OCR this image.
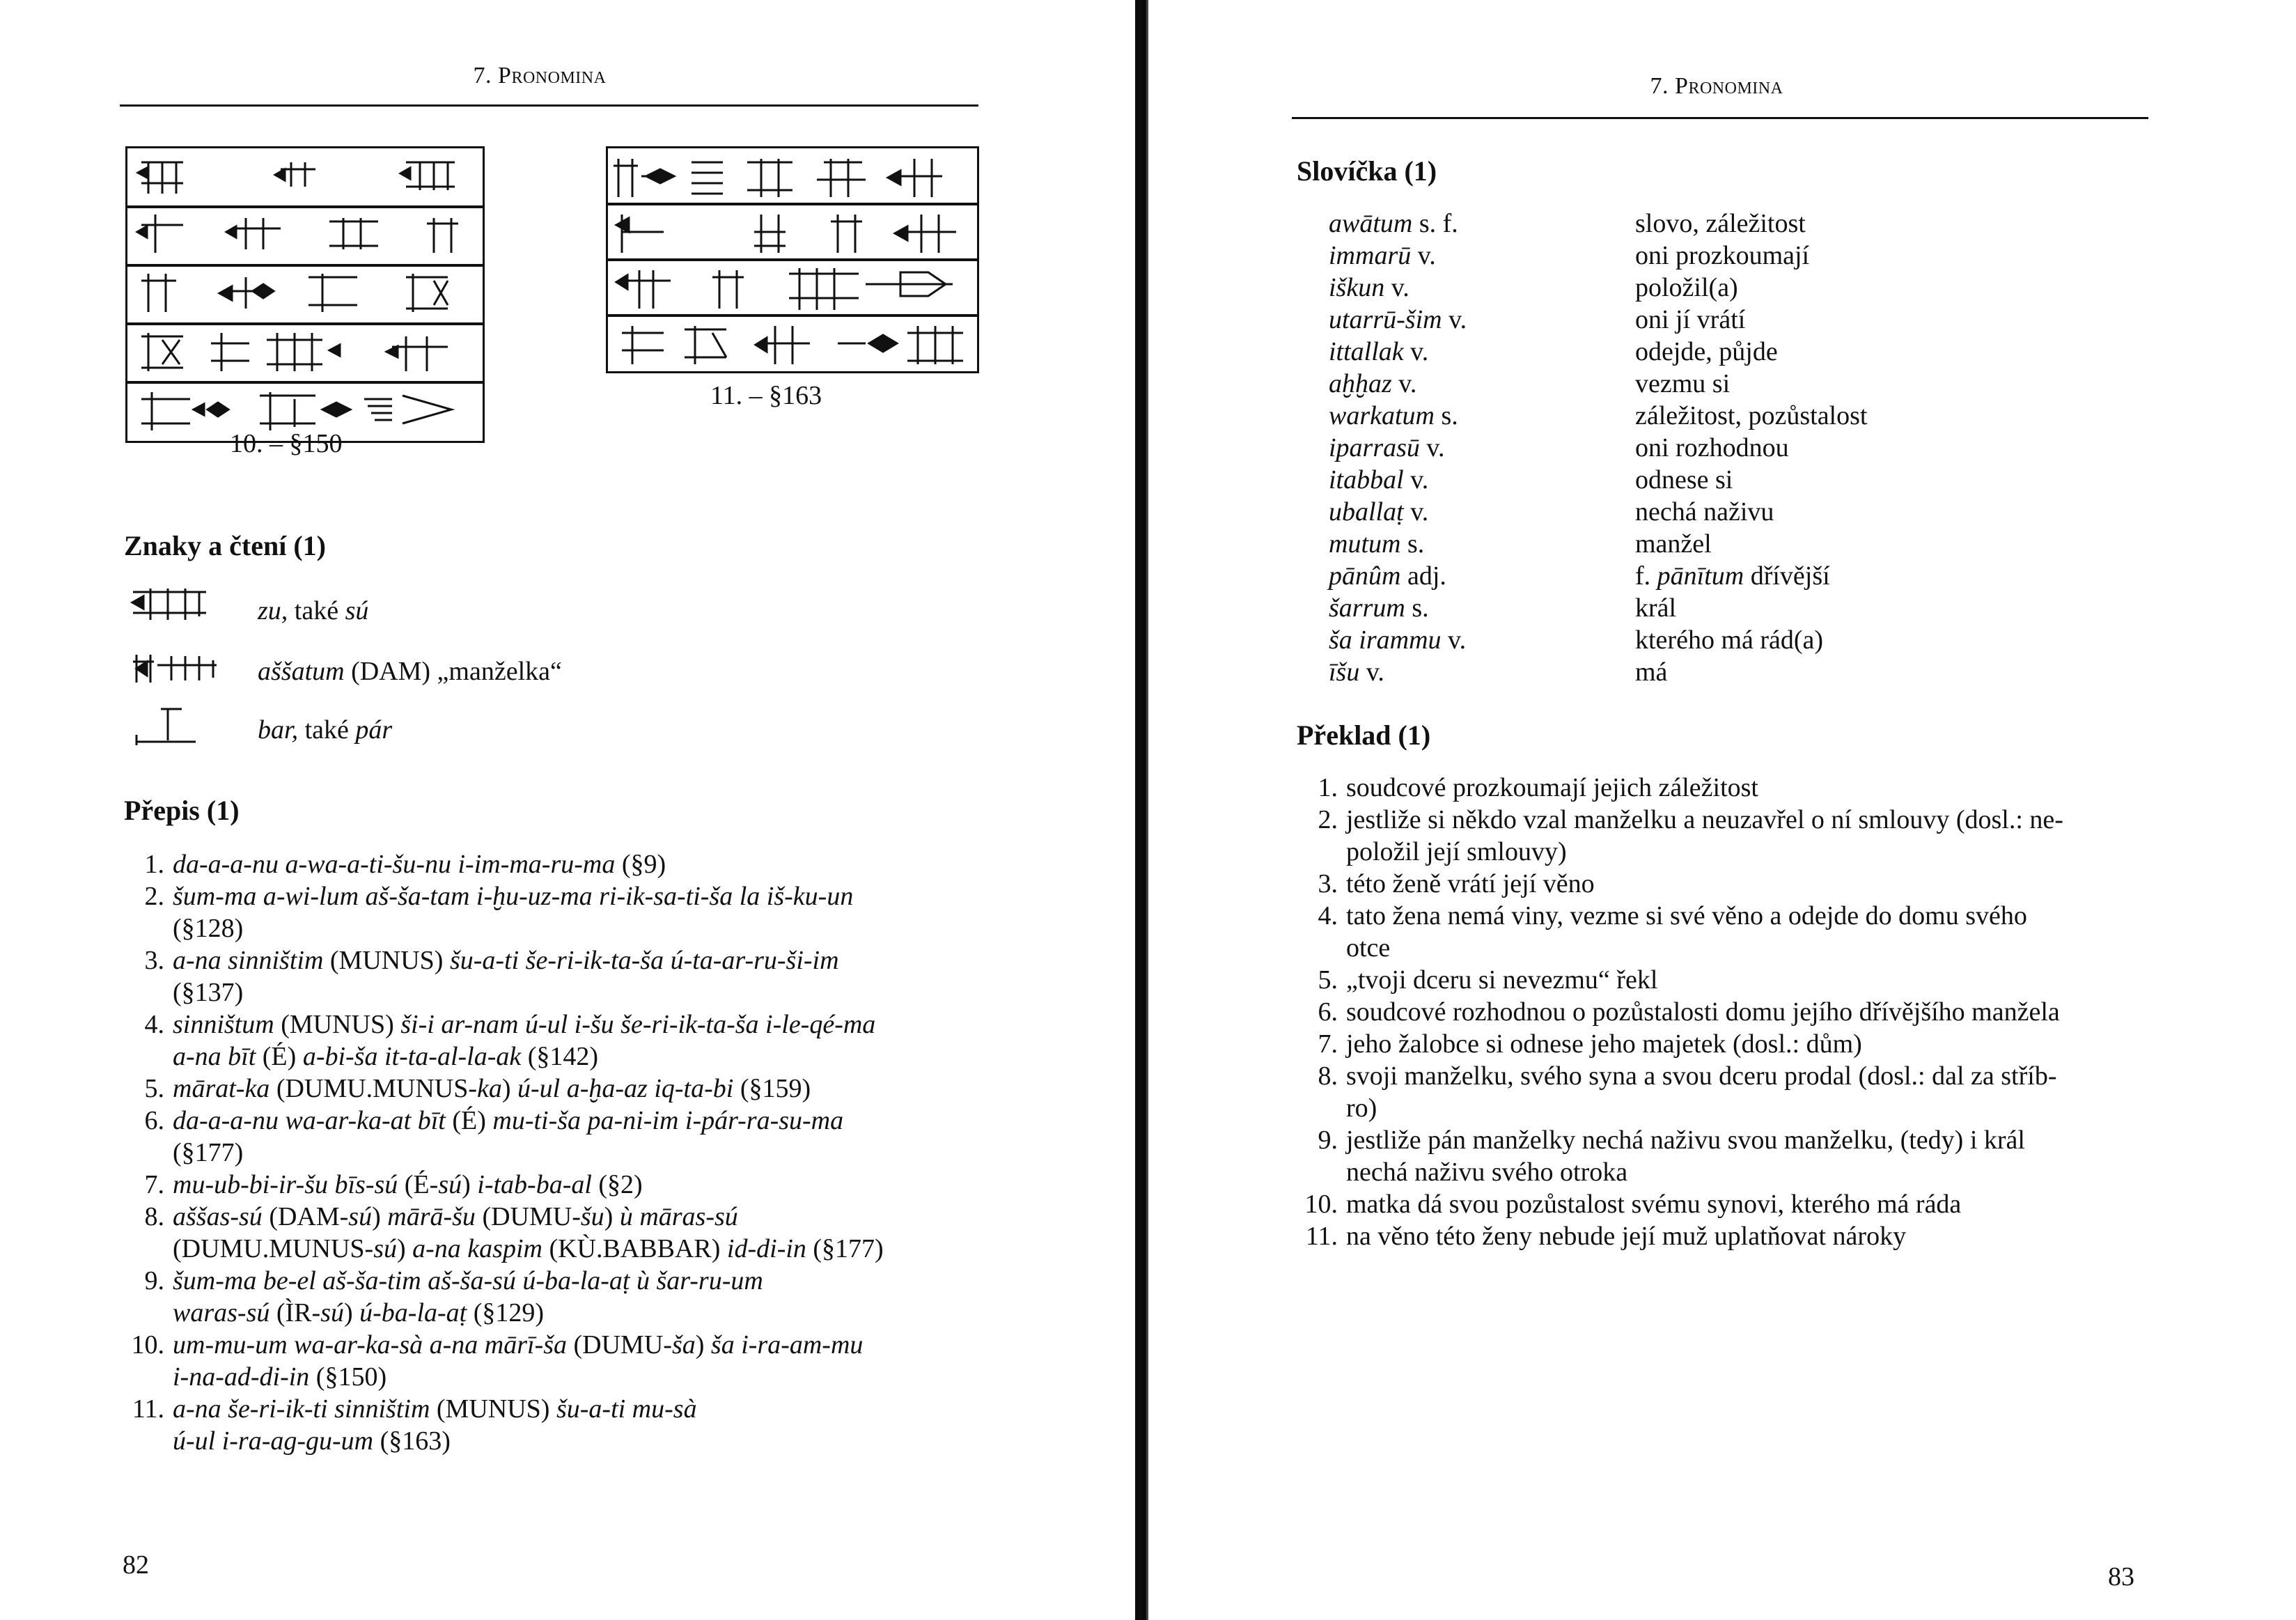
7. Pronomina
10. – §150
11. – §163
Znaky a čtení (1)
zu, také sú
aššatum (DAM) „manželka“
bar, také pár
Přepis (1)
1. da-a-a-nu a-wa-a-ti-šu-nu i-im-ma-ru-ma (§9)
2. šum-ma a-wi-lum aš-ša-tam i-ḫu-uz-ma ri-ik-sa-ti-ša la iš-ku-un
(§128)
3. a-na sinništim (MUNUS) šu-a-ti še-ri-ik-ta-ša ú-ta-ar-ru-ši-im
(§137)
4. sinništum (MUNUS) ši-i ar-nam ú-ul i-šu še-ri-ik-ta-ša i-le-qé-ma
a-na bīt (É) a-bi-ša it-ta-al-la-ak (§142)
5. mārat-ka (DUMU.MUNUS-ka) ú-ul a-ḫa-az iq-ta-bi (§159)
6. da-a-a-nu wa-ar-ka-at bīt (É) mu-ti-ša pa-ni-im i-pár-ra-su-ma
(§177)
7. mu-ub-bi-ir-šu bīs-sú (É-sú) i-tab-ba-al (§2)
8. aššas-sú (DAM-sú) mārā-šu (DUMU-šu) ù māras-sú
(DUMU.MUNUS-sú) a-na kaspim (KÙ.BABBAR) id-di-in (§177)
9. šum-ma be-el aš-ša-tim aš-ša-sú ú-ba-la-aṭ ù šar-ru-um
waras-sú (ÌR-sú) ú-ba-la-aṭ (§129)
10. um-mu-um wa-ar-ka-sà a-na mārī-ša (DUMU-ša) ša i-ra-am-mu
i-na-ad-di-in (§150)
11. a-na še-ri-ik-ti sinništim (MUNUS) šu-a-ti mu-sà
ú-ul i-ra-ag-gu-um (§163)
82
7. Pronomina
Slovíčka (1)
awātum s. f.	slovo, záležitost
immarū v.	oni prozkoumají
iškun v.	položil(a)
utarrū-šim v.	oni jí vrátí
ittallak v.	odejde, půjde
aḫḫaz v.	vezmu si
warkatum s.	záležitost, pozůstalost
iparrasū v.	oni rozhodnou
itabbal v.	odnese si
uballaṭ v.	nechá naživu
mutum s.	manžel
pānûm adj.	f. pānītum dřívější
šarrum s.	král
ša irammu v.	kterého má rád(a)
īšu v.	má
Překlad (1)
1. soudcové prozkoumají jejich záležitost
2. jestliže si někdo vzal manželku a neuzavřel o ní smlouvy (dosl.: ne-
položil její smlouvy)
3. této ženě vrátí její věno
4. tato žena nemá viny, vezme si své věno a odejde do domu svého
otce
5. „tvoji dceru si nevezmu“ řekl
6. soudcové rozhodnou o pozůstalosti domu jejího dřívějšího manžela
7. jeho žalobce si odnese jeho majetek (dosl.: dům)
8. svoji manželku, svého syna a svou dceru prodal (dosl.: dal za stříb-
ro)
9. jestliže pán manželky nechá naživu svou manželku, (tedy) i král
nechá naživu svého otroka
10. matka dá svou pozůstalost svému synovi, kterého má ráda
11. na věno této ženy nebude její muž uplatňovat nároky
83
